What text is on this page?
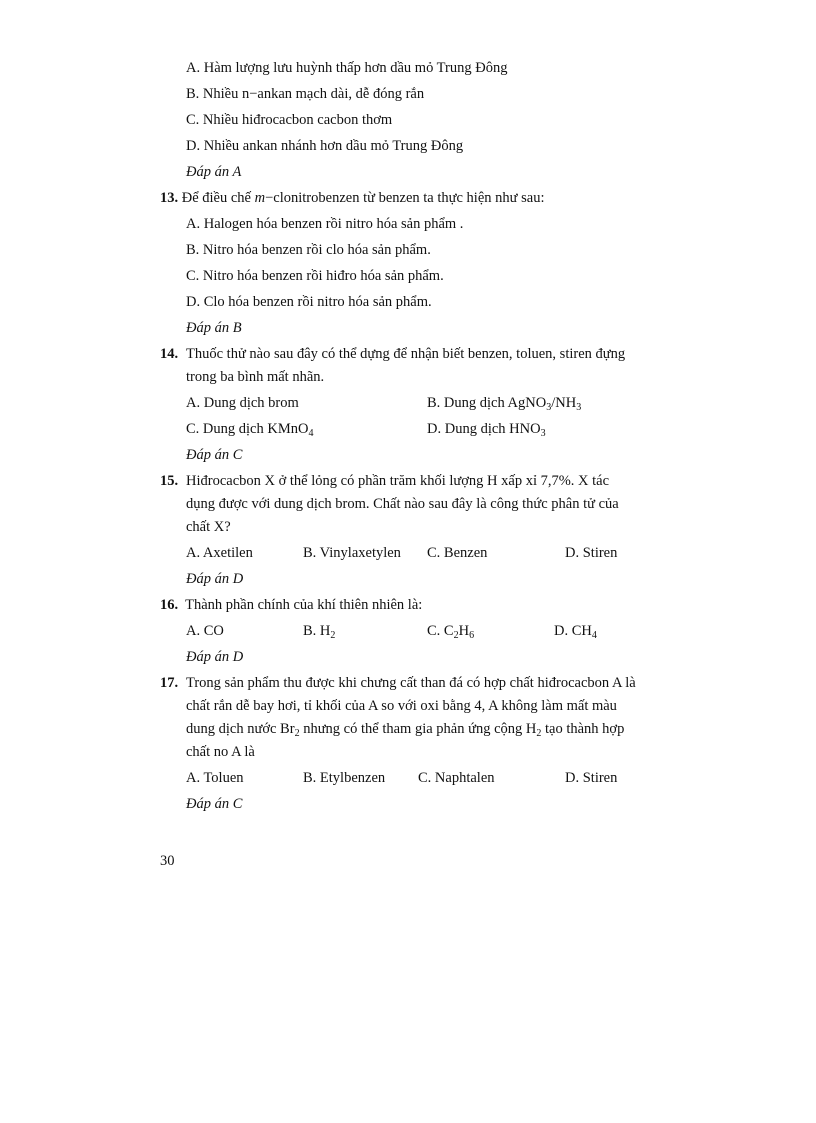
A. Hàm lượng lưu huỳnh thấp hơn dầu mỏ Trung Đông
B. Nhiều n−ankan mạch dài, dễ đóng rắn
C. Nhiều hiđrocacbon cacbon thơm
D. Nhiều ankan nhánh hơn dầu mỏ Trung Đông
Đáp án A
13. Để điều chế m−clonitrobenzen từ benzen ta thực hiện như sau:
A. Halogen hóa benzen rồi nitro hóa sản phẩm .
B. Nitro hóa benzen rồi clo hóa sản phẩm.
C. Nitro hóa benzen rồi hiđro hóa sản phẩm.
D. Clo hóa benzen rồi nitro hóa sản phẩm.
Đáp án B
14. Thuốc thử nào sau đây có thể dựng để nhận biết benzen, toluen, stiren đựng
trong ba bình mất nhãn.
A. Dung dịch brom	B. Dung dịch $AgNO_3/NH_3$
C. Dung dịch KMnO$_4$	D. Dung dịch $HNO_3$
Đáp án C
15. Hiđrocacbon X ở thể lỏng có phần trăm khối lượng H xấp xỉ 7,7%. X tác
dụng được với dung dịch brom. Chất nào sau đây là công thức phân tử của
chất X?
A. Axetilen	B. Vinylaxetylen C. Benzen	D. Stiren
Đáp án D
16. Thành phần chính của khí thiên nhiên là:
A. CO	B. $H_2$	C. $C_2H_6$	D. $CH_4$
Đáp án D
17. Trong sản phẩm thu được khi chưng cất than đá có hợp chất hiđrocacbon A là
chất rắn dễ bay hơi, tỉ khối của A so với oxi bằng 4, A không làm mất màu
dung dịch nước $Br_2$ nhưng có thể tham gia phản ứng cộng $H_2$ tạo thành hợp
chất no A là
A. Toluen	B. Etylbenzen C. Naphtalen	D. Stiren
Đáp án C
30
